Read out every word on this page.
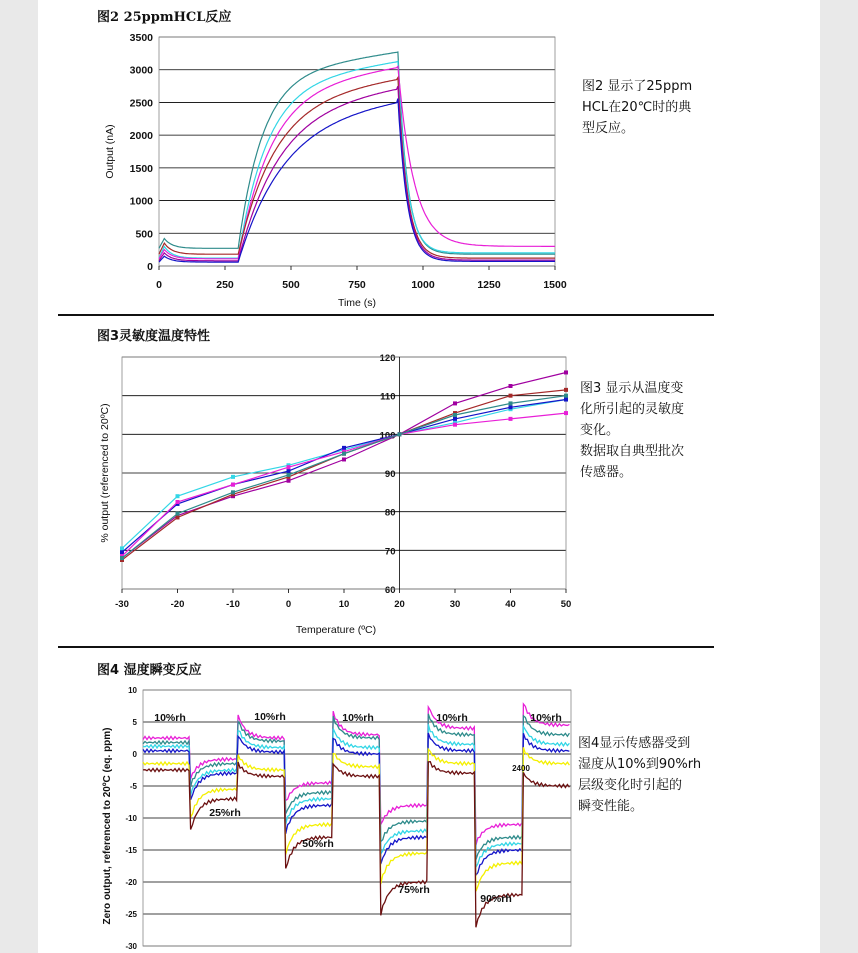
图2 25ppmHCL反应
0
500
1000
1500
2000
2500
3000
3500
0	250	500	750	1000	1250	1500
Time (s)
Output (nA)
60
70
80
90
100
110
120
-30	-20	-10	0	10	20	30	40	50
Temperature (ºC)
% output (referenced to 20ºC)
10
5
0
-5
-10
-15
-20
-25
-30
Zero output, referenced to 20ºC (eq. ppm)
10%rh	10%rh	10%rh	10%rh	10%rh
25%rh
50%rh
75%rh
90%rh
2400
图2 显示了25ppm
HCL在20℃时的典
型反应。
图3灵敏度温度特性
图3 显示从温度变
化所引起的灵敏度
变化。
数据取自典型批次
传感器。
图4 湿度瞬变反应
图4显示传感器受到
湿度从10%到90%rh
层级变化时引起的
瞬变性能。
